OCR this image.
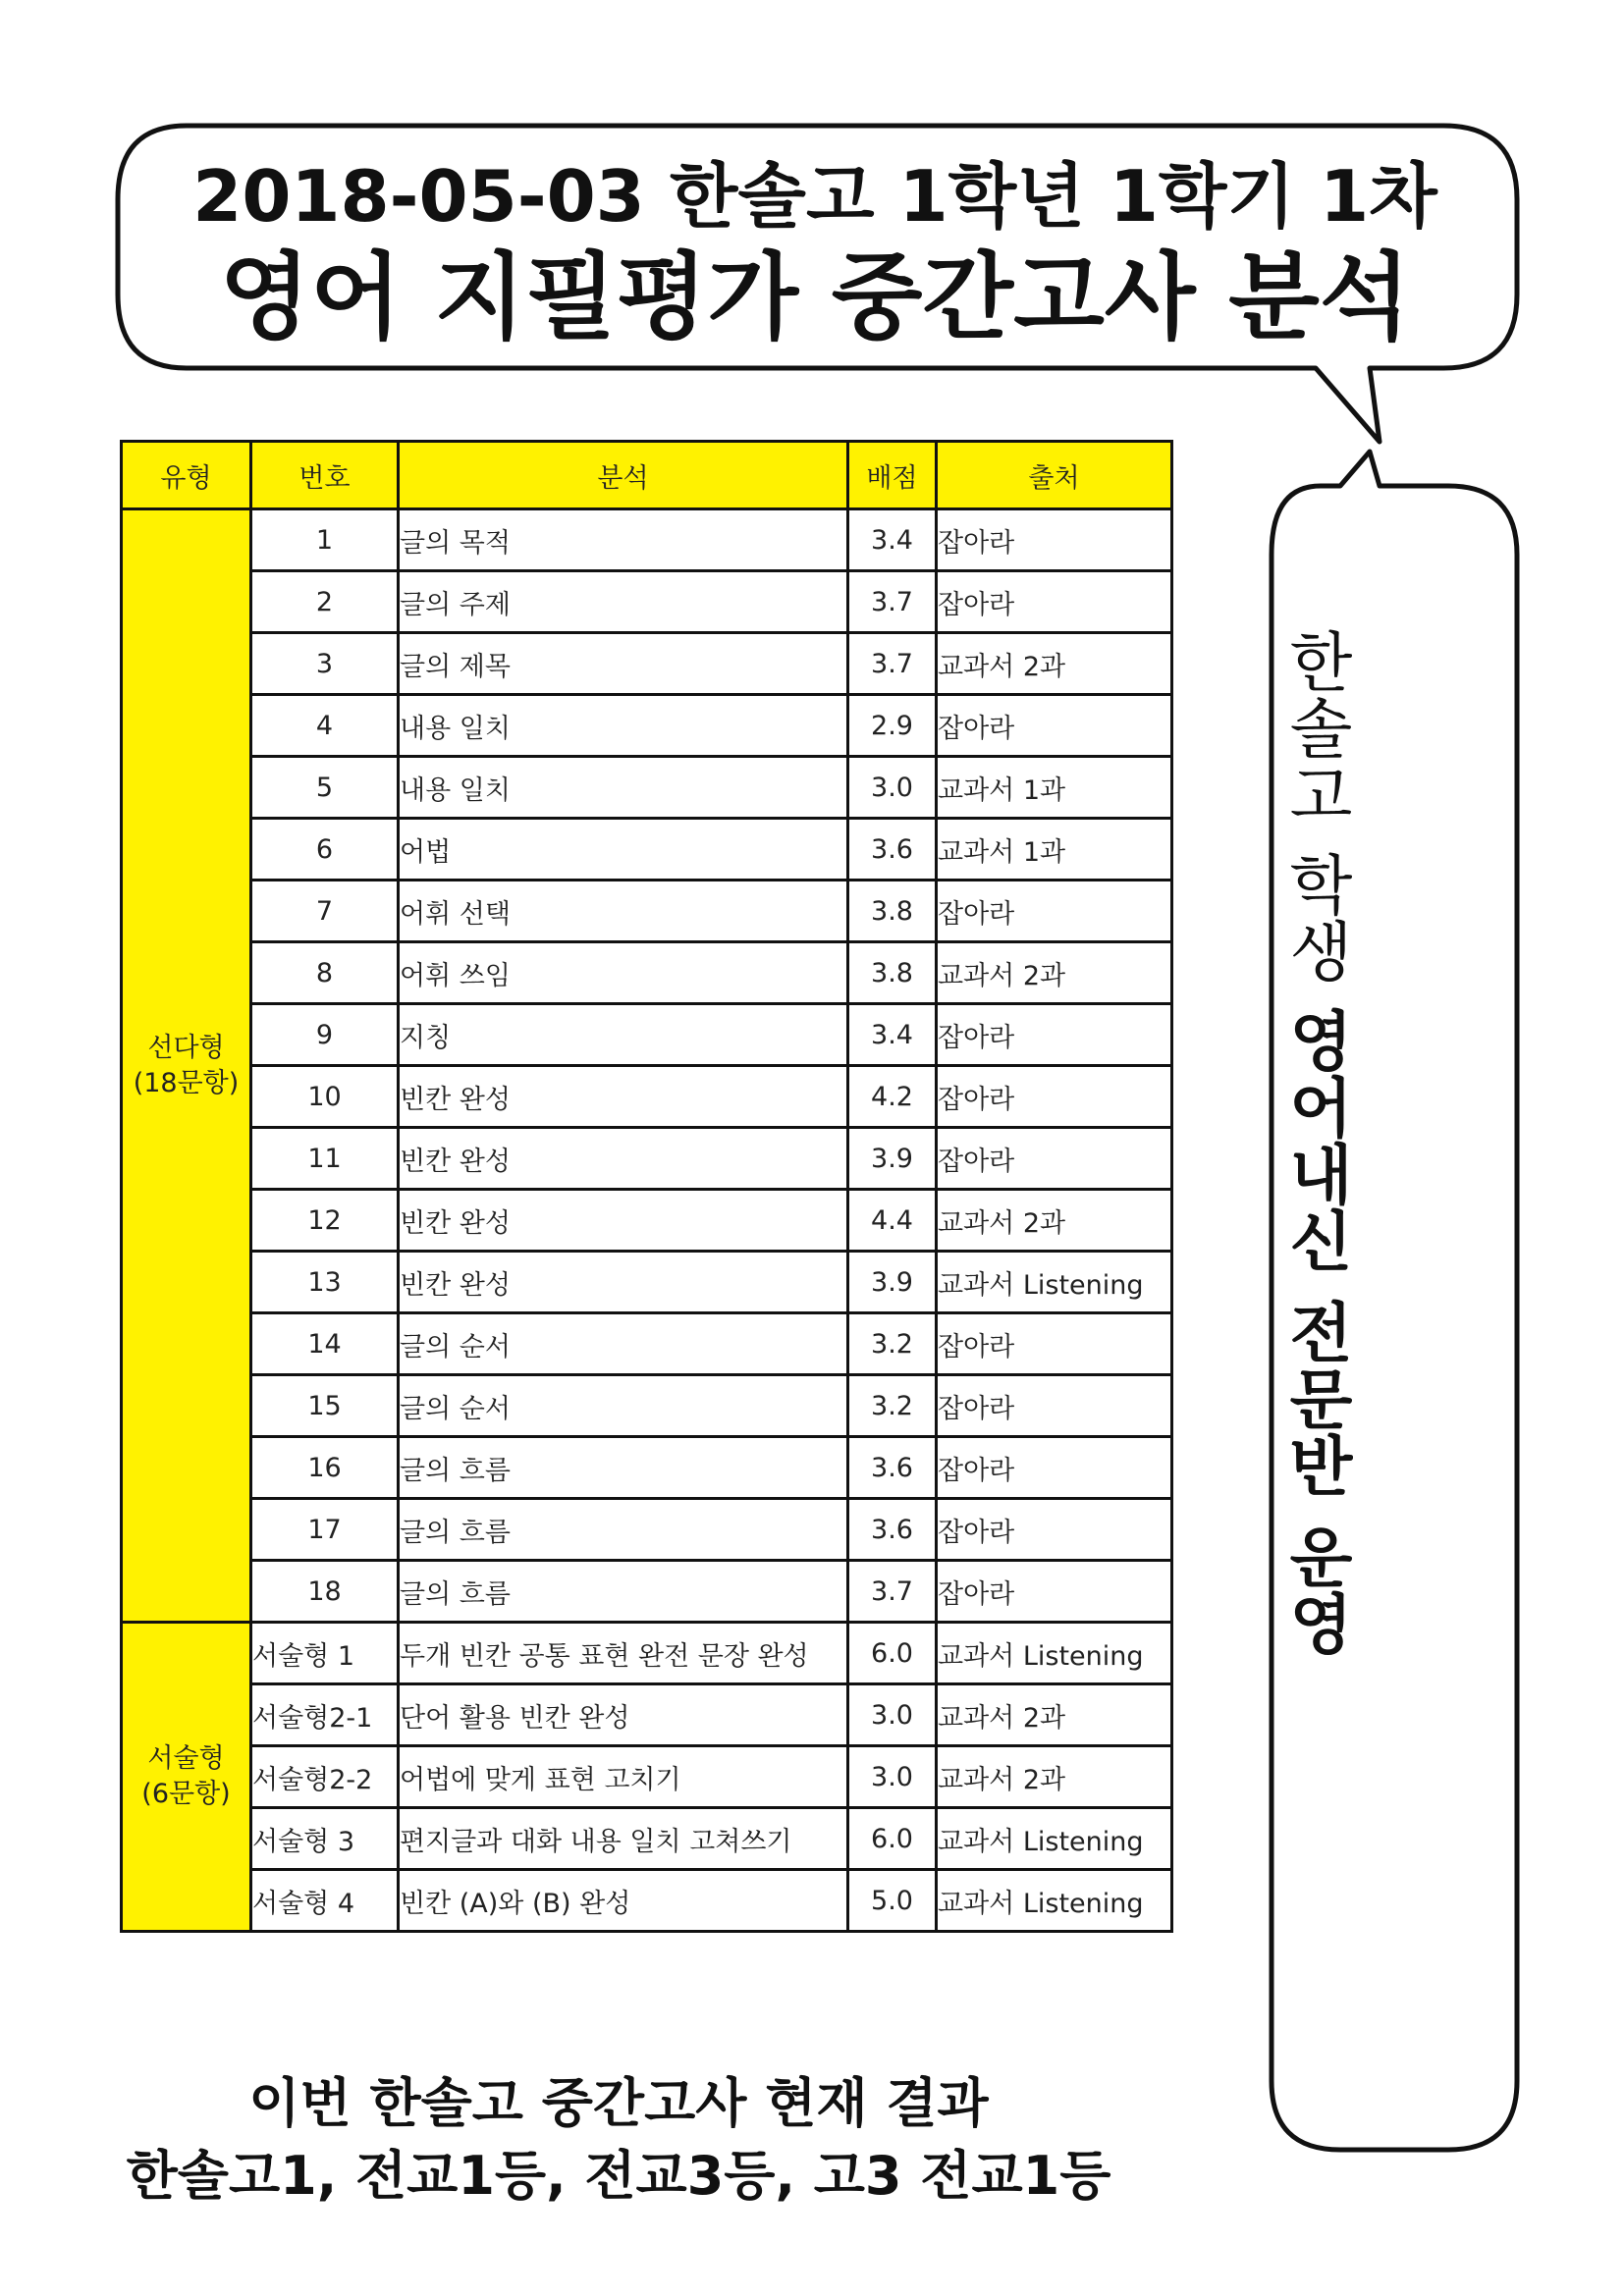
2018-05-03 한솔고 1학년 1학기 1차
영어 지필평가 중간고사 분석
유형	번호	분석	배점	출처

선다형
(18문항)	1	글의 목적	3.4	잡아라
	2	글의 주제	3.7	잡아라
	3	글의 제목	3.7	교과서 2과
	4	내용 일치	2.9	잡아라
	5	내용 일치	3.0	교과서 1과
	6	어법	3.6	교과서 1과
	7	어휘 선택	3.8	잡아라
	8	어휘 쓰임	3.8	교과서 2과
	9	지칭	3.4	잡아라
	10	빈칸 완성	4.2	잡아라
	11	빈칸 완성	3.9	잡아라
	12	빈칸 완성	4.4	교과서 2과
	13	빈칸 완성	3.9	교과서 Listening
	14	글의 순서	3.2	잡아라
	15	글의 순서	3.2	잡아라
	16	글의 흐름	3.6	잡아라
	17	글의 흐름	3.6	잡아라
	18	글의 흐름	3.7	잡아라

서술형
(6문항)	서술형 1	두개 빈칸 공통 표현 완전 문장 완성	6.0	교과서 Listening
	서술형2-1	단어 활용 빈칸 완성	3.0	교과서 2과
	서술형2-2	어법에 맞게 표현 고치기	3.0	교과서 2과
	서술형 3	편지글과 대화 내용 일치 고쳐쓰기	6.0	교과서 Listening
	서술형 4	빈칸 (A)와 (B) 완성	5.0	교과서 Listening
한솔고 학생 영어내신 전문반 운영
이번 한솔고 중간고사 현재 결과
한솔고1, 전교1등, 전교3등, 고3 전교1등
